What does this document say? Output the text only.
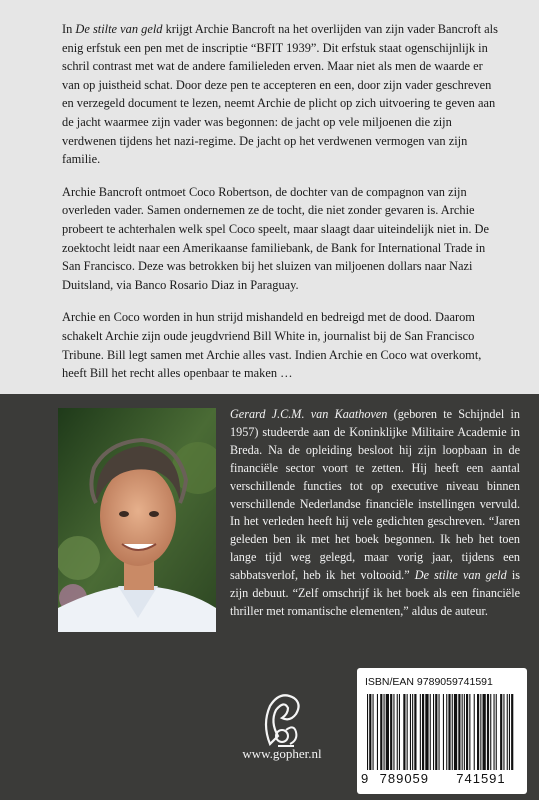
In De stilte van geld krijgt Archie Bancroft na het overlijden van zijn vader Bancroft als enig erfstuk een pen met de inscriptie “BFIT 1939”. Dit erfstuk staat ogenschijnlijk in schril contrast met wat de andere familieleden erven. Maar niet als men de waarde er van op juistheid schat. Door deze pen te accepteren en een, door zijn vader geschreven en verzegeld document te lezen, neemt Archie de plicht op zich uitvoering te geven aan de jacht waarmee zijn vader was begonnen: de jacht op vele miljoenen die zijn verdwenen tijdens het nazi-regime. De jacht op het verdwenen vermogen van zijn familie.

Archie Bancroft ontmoet Coco Robertson, de dochter van de compagnon van zijn overleden vader. Samen ondernemen ze de tocht, die niet zonder gevaren is. Archie probeert te achterhalen welk spel Coco speelt, maar slaagt daar uiteindelijk niet in. De zoektocht leidt naar een Amerikaanse familiebank, de Bank for International Trade in San Francisco. Deze was betrokken bij het sluizen van miljoenen dollars naar Nazi Duitsland, via Banco Rosario Diaz in Paraguay.

Archie en Coco worden in hun strijd mishandeld en bedreigd met de dood. Daarom schakelt Archie zijn oude jeugdvriend Bill White in, journalist bij de San Francisco Tribune. Bill legt samen met Archie alles vast. Indien Archie en Coco wat overkomt, heeft Bill het recht alles openbaar te maken …

Gerard J.C.M. van Kaathoven (geboren te Schijndel in 1957) studeerde aan de Koninklijke Militaire Academie in Breda. Na de opleiding besloot hij zijn loopbaan in de financiële sector voort te zetten. Hij heeft een aantal verschillende functies tot op executive niveau binnen verschillende Nederlandse financiële instellingen vervuld. In het verleden heeft hij vele gedichten geschreven. “Jaren geleden ben ik met het boek begonnen. Ik heb het toen lange tijd weg gelegd, maar vorig jaar, tijdens een sabbatsverlof, heb ik het voltooid.” De stilte van geld is zijn debuut. “Zelf omschrijf ik het boek als een financiële thriller met romantische elementen,” aldus de auteur.
www.gopher.nl
ISBN/EAN 9789059741591
9 789059 741591
